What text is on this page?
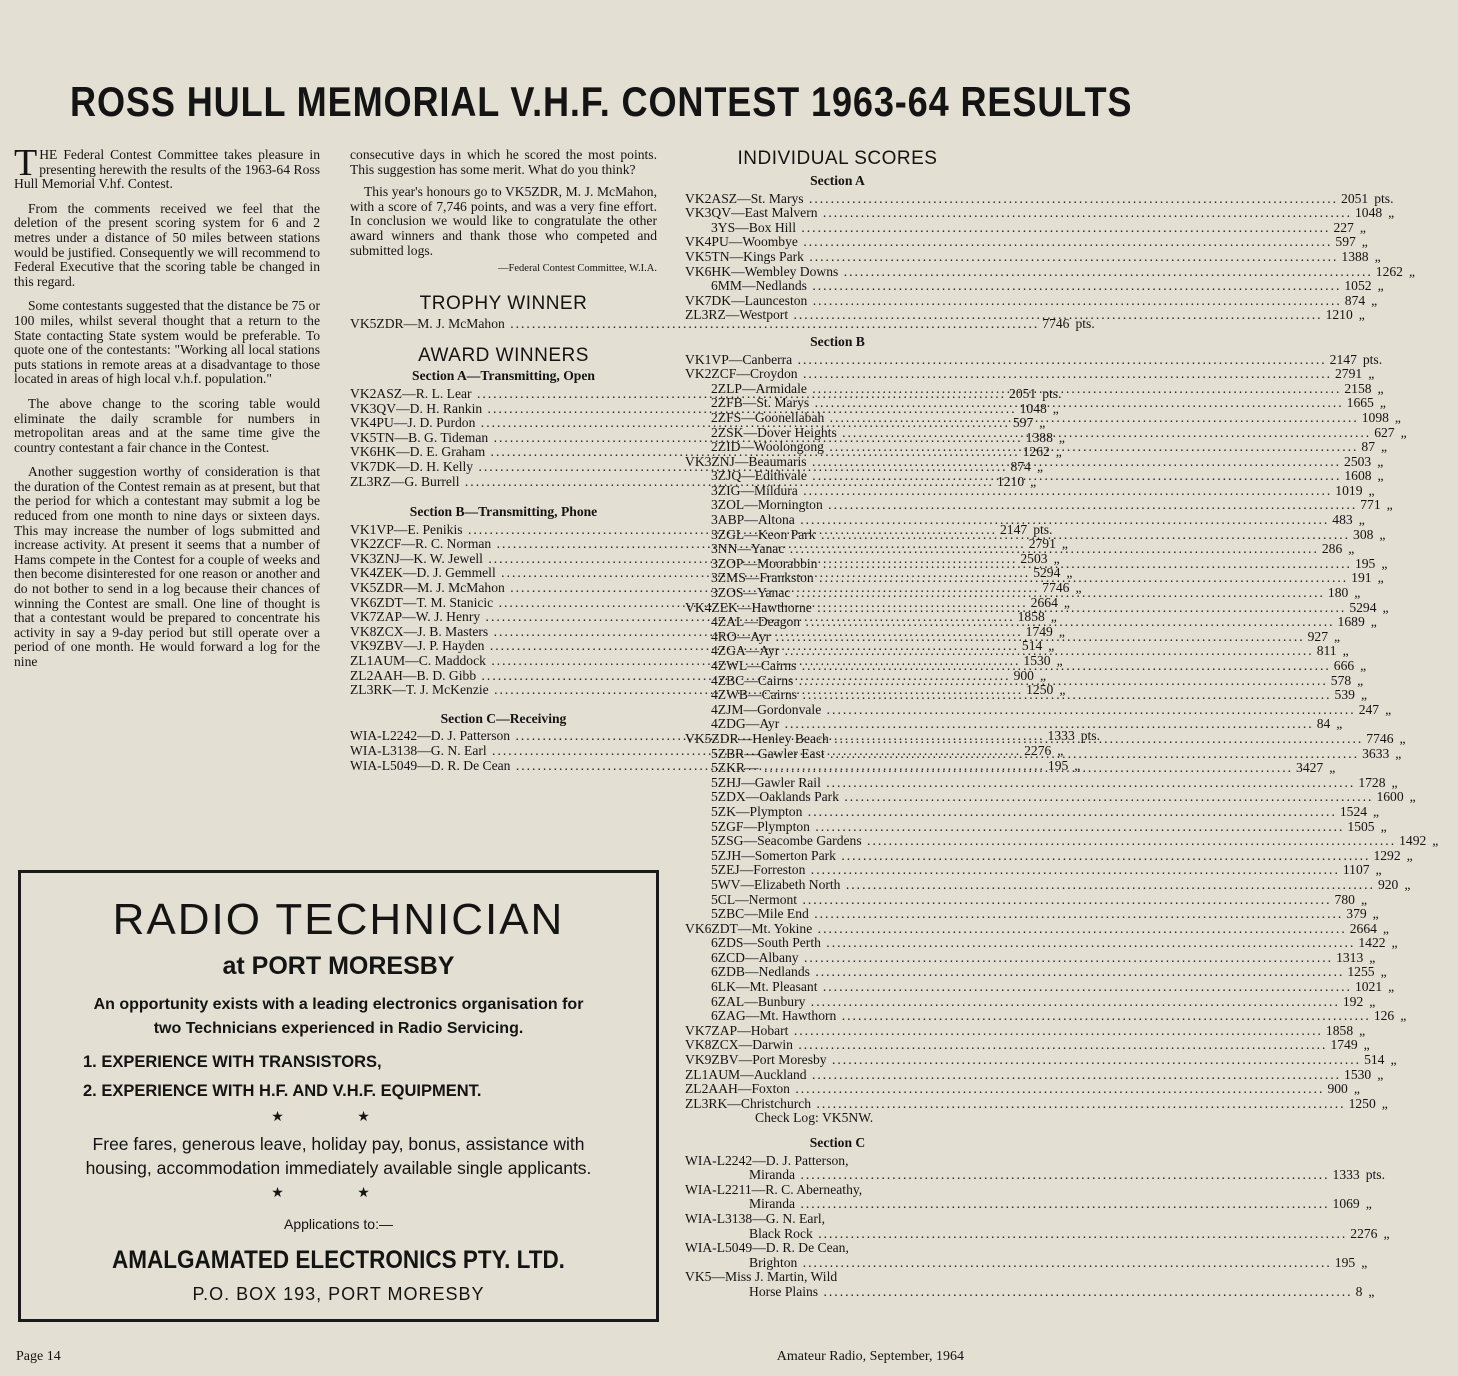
ROSS HULL MEMORIAL V.H.F. CONTEST 1963-64 RESULTS

THE Federal Contest Committee takes pleasure in presenting herewith the results of the 1963-64 Ross Hull Memorial V.hf. Contest.

From the comments received we feel that the deletion of the present scoring system for 6 and 2 metres under a distance of 50 miles between stations would be justified. Consequently we will recommend to Federal Executive that the scoring table be changed in this regard.

Some contestants suggested that the distance be 75 or 100 miles, whilst several thought that a return to the State contacting State system would be preferable. To quote one of the contestants: "Working all local stations puts stations in remote areas at a disadvantage to those located in areas of high local v.h.f. population."

The above change to the scoring table would eliminate the daily scramble for numbers in metropolitan areas and at the same time give the country contestant a fair chance in the Contest.

Another suggestion worthy of consideration is that the duration of the Contest remain as at present, but that the period for which a contestant may submit a log be reduced from one month to nine days or sixteen days. This may increase the number of logs submitted and increase activity. At present it seems that a number of Hams compete in the Contest for a couple of weeks and then become disinterested for one reason or another and do not bother to send in a log because their chances of winning the Contest are small. One line of thought is that a contestant would be prepared to concentrate his activity in say a 9-day period but still operate over a period of one month. He would forward a log for the nine

consecutive days in which he scored the most points. This suggestion has some merit. What do you think?

This year's honours go to VK5ZDR, M. J. McMahon, with a score of 7,746 points, and was a very fine effort. In conclusion we would like to congratulate the other award winners and thank those who competed and submitted logs.

—Federal Contest Committee, W.I.A.
TROPHY WINNER
VK5ZDR—M. J. McMahon .....	7746 pts.
AWARD WINNERS
Section A—Transmitting, Open
VK2ASZ—R. L. Lear .....	2051 pts.
VK3QV—D. H. Rankin .....	1048 „
VK4PU—J. D. Purdon .....	597 „
VK5TN—B. G. Tideman .....	1388 „
VK6HK—D. E. Graham .....	1262 „
VK7DK—D. H. Kelly .....	874 „
ZL3RZ—G. Burrell .....	1210 „
Section B—Transmitting, Phone
VK1VP—E. Penikis .....	2147 pts.
VK2ZCF—R. C. Norman .....	2791 „
VK3ZNJ—K. W. Jewell .....	2503 „
VK4ZEK—D. J. Gemmell .....	5294 „
VK5ZDR—M. J. McMahon .....	7746 „
VK6ZDT—T. M. Stanicic .....	2664 „
VK7ZAP—W. J. Henry .....	1858 „
VK8ZCX—J. B. Masters .....	1749 „
VK9ZBV—J. P. Hayden .....	514 „
ZL1AUM—C. Maddock .....	1530 „
ZL2AAH—B. D. Gibb .....	900 „
ZL3RK—T. J. McKenzie .....	1250 „
Section C—Receiving
WIA-L2242—D. J. Patterson .....	1333 pts.
WIA-L3138—G. N. Earl .....	2276 „
WIA-L5049—D. R. De Cean .....	195 „
INDIVIDUAL SCORES
Section A
VK2ASZ—St. Marys .....	2051 pts.
VK3QV—East Malvern .....	1048 „
3YS—Box Hill .....	227 „
VK4PU—Woombye .....	597 „
VK5TN—Kings Park .....	1388 „
VK6HK—Wembley Downs .....	1262 „
6MM—Nedlands .....	1052 „
VK7DK—Launceston .....	874 „
ZL3RZ—Westport .....	1210 „
Section B
VK1VP—Canberra .....	2147 pts.
VK2ZCF—Croydon .....	2791 „
2ZLP—Armidale .....	2158 „
2ZFB—St. Marys .....	1665 „
2ZFS—Goonellabah .....	1098 „
2ZSK—Dover Heights .....	627 „
2ZID—Woolongong .....	87 „
VK3ZNJ—Beaumaris .....	2503 „
3ZJQ—Edithvale .....	1608 „
3ZIG—Mildura .....	1019 „
3ZOL—Mornington .....	771 „
3ABP—Altona .....	483 „
3ZGL—Keon Park .....	308 „
3NN—Yanac .....	286 „
3ZOP—Moorabbin .....	195 „
3ZMS—Frankston .....	191 „
3ZOS—Yanac .....	180 „
VK4ZEK—Hawthorne .....	5294 „
4ZAL—Deagon .....	1689 „
4RO—Ayr .....	927 „
4ZGA—Ayr .....	811 „
4ZWL—Cairns .....	666 „
4ZBC—Cairns .....	578 „
4ZWB—Cairns .....	539 „
4ZJM—Gordonvale .....	247 „
4ZDG—Ayr .....	84 „
VK5ZDR—Henley Beach .....	7746 „
5ZBR—Gawler East .....	3633 „
5ZKR— .....	3427 „
5ZHJ—Gawler Rail .....	1728 „
5ZDX—Oaklands Park .....	1600 „
5ZK—Plympton .....	1524 „
5ZGF—Plympton .....	1505 „
5ZSG—Seacombe Gardens .....	1492 „
5ZJH—Somerton Park .....	1292 „
5ZEJ—Forreston .....	1107 „
5WV—Elizabeth North .....	920 „
5CL—Nermont .....	780 „
5ZBC—Mile End .....	379 „
VK6ZDT—Mt. Yokine .....	2664 „
6ZDS—South Perth .....	1422 „
6ZCD—Albany .....	1313 „
6ZDB—Nedlands .....	1255 „
6LK—Mt. Pleasant .....	1021 „
6ZAL—Bunbury .....	192 „
6ZAG—Mt. Hawthorn .....	126 „
VK7ZAP—Hobart .....	1858 „
VK8ZCX—Darwin .....	1749 „
VK9ZBV—Port Moresby .....	514 „
ZL1AUM—Auckland .....	1530 „
ZL2AAH—Foxton .....	900 „
ZL3RK—Christchurch .....	1250 „
Check Log: VK5NW.
Section C
WIA-L2242—D. J. Patterson,
Miranda .....	1333 pts.
WIA-L2211—R. C. Aberneathy,
Miranda .....	1069 „
WIA-L3138—G. N. Earl,
Black Rock .....	2276 „
WIA-L5049—D. R. De Cean,
Brighton .....	195 „
VK5—Miss J. Martin, Wild
Horse Plains .....	8 „
RADIO TECHNICIAN
at PORT MORESBY
An opportunity exists with a leading electronics organisation for
two Technicians experienced in Radio Servicing.
1. EXPERIENCE WITH TRANSISTORS,
2. EXPERIENCE WITH H.F. AND V.H.F. EQUIPMENT.
★ ★
Free fares, generous leave, holiday pay, bonus, assistance with
housing, accommodation immediately available single applicants.
★ ★
Applications to:—
AMALGAMATED ELECTRONICS PTY. LTD.
P.O. BOX 193, PORT MORESBY
Page 14	Amateur Radio, September, 1964
